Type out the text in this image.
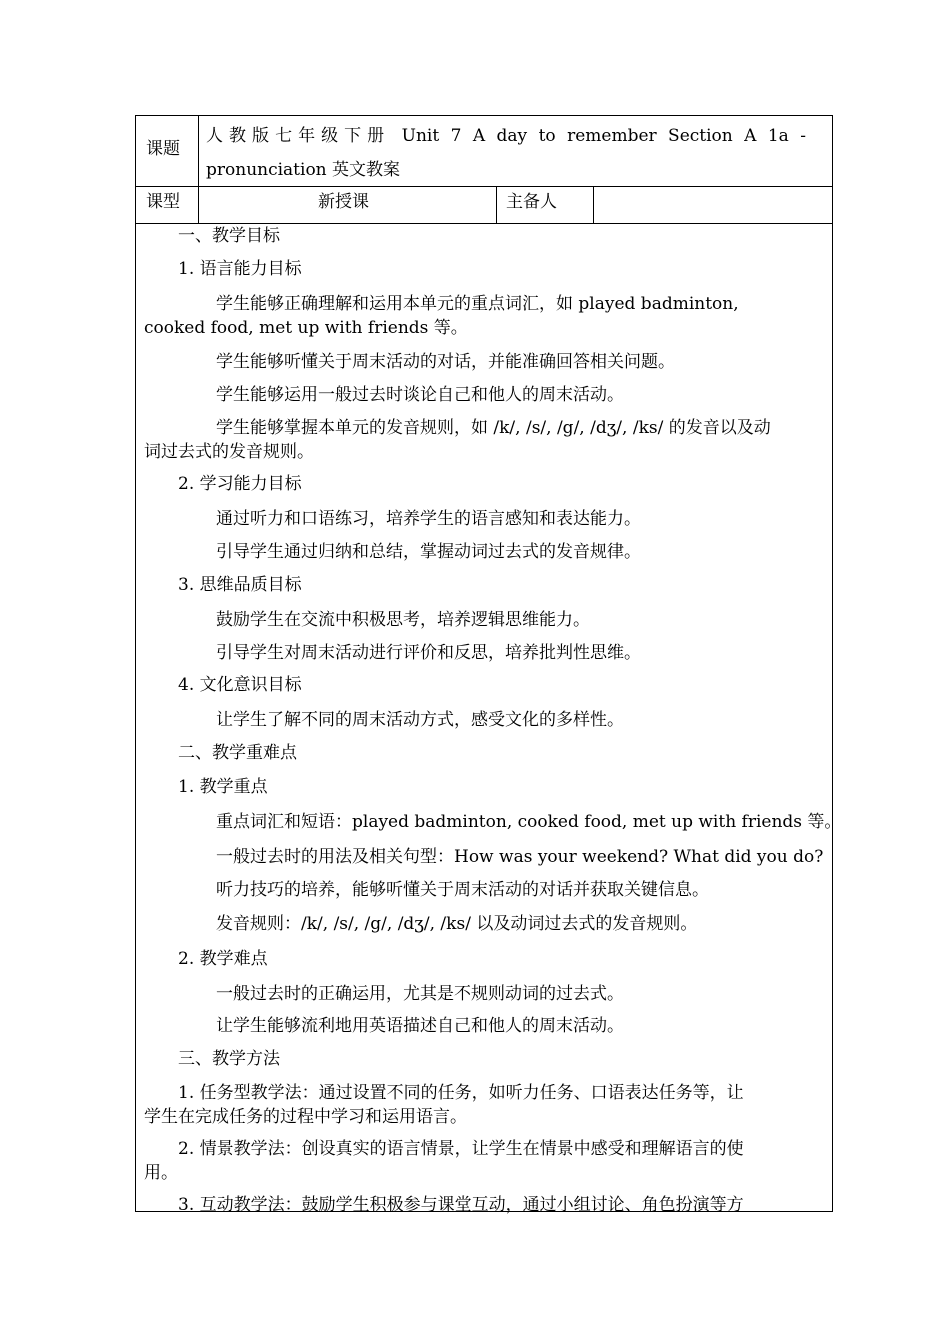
课题
人教版七年级下册 Unit 7 A day to remember Section A 1a - pronunciation 英文教案
课型	新授课	主备人
一、教学目标
1. 语言能力目标
学生能够正确理解和运用本单元的重点词汇，如 played badminton,
cooked food, met up with friends 等。
学生能够听懂关于周末活动的对话，并能准确回答相关问题。
学生能够运用一般过去时谈论自己和他人的周末活动。
学生能够掌握本单元的发音规则，如 /k/, /s/, /g/, /dʒ/, /ks/ 的发音以及动
词过去式的发音规则。
2. 学习能力目标
通过听力和口语练习，培养学生的语言感知和表达能力。
引导学生通过归纳和总结，掌握动词过去式的发音规律。
3. 思维品质目标
鼓励学生在交流中积极思考，培养逻辑思维能力。
引导学生对周末活动进行评价和反思，培养批判性思维。
4. 文化意识目标
让学生了解不同的周末活动方式，感受文化的多样性。
二、教学重难点
1. 教学重点
重点词汇和短语：played badminton, cooked food, met up with friends 等。
一般过去时的用法及相关句型：How was your weekend? What did you do?
听力技巧的培养，能够听懂关于周末活动的对话并获取关键信息。
发音规则：/k/, /s/, /g/, /dʒ/, /ks/ 以及动词过去式的发音规则。
2. 教学难点
一般过去时的正确运用，尤其是不规则动词的过去式。
让学生能够流利地用英语描述自己和他人的周末活动。
三、教学方法
1. 任务型教学法：通过设置不同的任务，如听力任务、口语表达任务等，让
学生在完成任务的过程中学习和运用语言。
2. 情景教学法：创设真实的语言情景，让学生在情景中感受和理解语言的使
用。
3. 互动教学法：鼓励学生积极参与课堂互动，通过小组讨论、角色扮演等方
